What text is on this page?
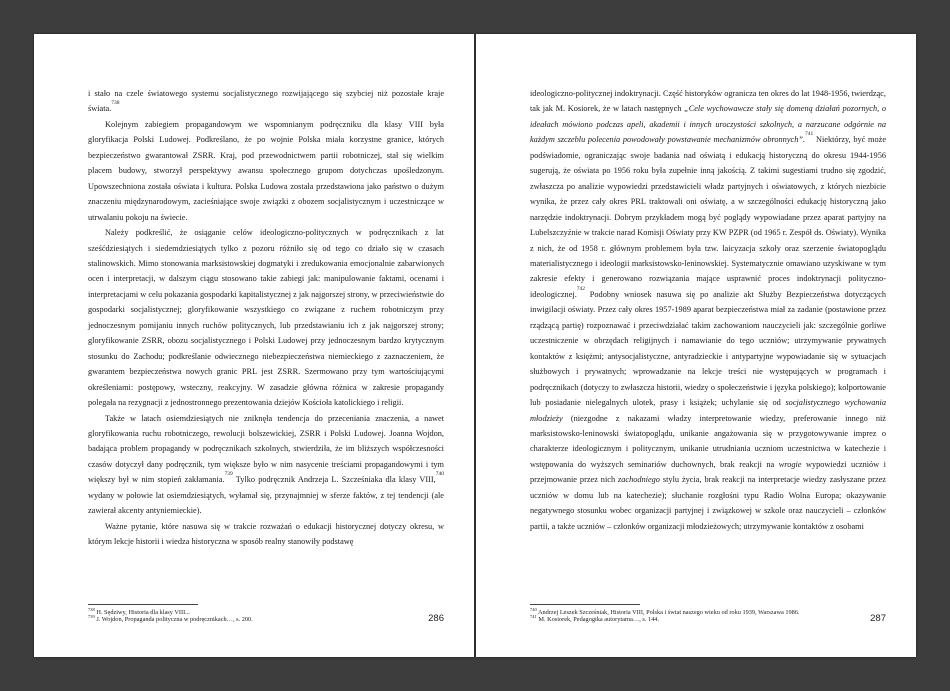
i stało na czele światowego systemu socjalistycznego rozwijającego się szybciej niż pozostałe kraje świata.$^{738}$

Kolejnym zabiegiem propagandowym we wspomnianym podręczniku dla klasy VIII była gloryfikacja Polski Ludowej. Podkreślano, że po wojnie Polska miała korzystne granice, których bezpieczeństwo gwarantował ZSRR. Kraj, pod przewodnictwem partii robotniczej, stał się wielkim placem budowy, stworzył perspektywy awansu społecznego grupom dotychczas upośledzonym. Upowszechniona została oświata i kultura. Polska Ludowa została przedstawiona jako państwo o dużym znaczeniu międzynarodowym, zacieśniające swoje związki z obozem socjalistycznym i uczestniczące w utrwalaniu pokoju na świecie.

Należy podkreślić, że osiąganie celów ideologiczno-politycznych w podręcznikach z lat sześćdziesiątych i siedemdziesiątych tylko z pozoru różniło się od tego co działo się w czasach stalinowskich. Mimo stonowania marksistowskiej dogmatyki i zredukowania emocjonalnie zabarwionych ocen i interpretacji, w dalszym ciągu stosowano takie zabiegi jak: manipulowanie faktami, ocenami i interpretacjami w celu pokazania gospodarki kapitalistycznej z jak najgorszej strony, w przeciwieństwie do gospodarki socjalistycznej; gloryfikowanie wszystkiego co związane z ruchem robotniczym przy jednoczesnym pomijaniu innych ruchów politycznych, lub przedstawianiu ich z jak najgorszej strony; gloryfikowanie ZSRR, obozu socjalistycznego i Polski Ludowej przy jednoczesnym bardzo krytycznym stosunku do Zachodu; podkreślanie odwiecznego niebezpieczeństwa niemieckiego z zaznaczeniem, że gwarantem bezpieczeństwa nowych granic PRL jest ZSRR. Szermowano przy tym wartościującymi określeniami: postępowy, wsteczny, reakcyjny. W zasadzie główna różnica w zakresie propagandy polegała na rezygnacji z jednostronnego prezentowania dziejów Kościoła katolickiego i religii.

Także w latach osiemdziesiątych nie zniknęła tendencja do przeceniania znaczenia, a nawet gloryfikowania ruchu robotniczego, rewolucji bolszewickiej, ZSRR i Polski Ludowej. Joanna Wojdon, badająca problem propagandy w podręcznikach szkolnych, stwierdziła, że im bliższych współczesności czasów dotyczył dany podręcznik, tym większe było w nim nasycenie treściami propagandowymi i tym większy był w nim stopień zakłamania.$^{739}$ Tylko podręcznik Andrzeja L. Szcześniaka dla klasy VIII,$^{740}$ wydany w połowie lat osiemdziesiątych, wyłamał się, przynajmniej w sferze faktów, z tej tendencji (ale zawierał akcenty antyniemieckie).

Ważne pytanie, które nasuwa się w trakcie rozważań o edukacji historycznej dotyczy okresu, w którym lekcje historii i wiedza historyczna w sposób realny stanowiły podstawę

$^{738}$ H. Sędziwy, Historia dla klasy VIII...
$^{739}$ J. Wojdon, Propaganda polityczna w podręcznikach…, s. 200.	286

ideologiczno-politycznej indoktrynacji. Część historyków ogranicza ten okres do lat 1948-1956, twierdząc, tak jak M. Kosiorek, że w latach następnych „Cele wychowawcze stały się domeną działań pozornych, o ideałach mówiono podczas apeli, akademii i innych uroczystości szkolnych, a narzucane odgórnie na każdym szczeblu polecenia powodowały powstawanie mechanizmów obronnych”.$^{741}$ Niektórzy, być może podświadomie, ograniczając swoje badania nad oświatą i edukacją historyczną do okresu 1944-1956 sugerują, że oświata po 1956 roku była zupełnie inną jakością. Z takimi sugestiami trudno się zgodzić, zwłaszcza po analizie wypowiedzi przedstawicieli władz partyjnych i oświatowych, z których niezbicie wynika, że przez cały okres PRL traktowali oni oświatę, a w szczególności edukację historyczną jako narzędzie indoktrynacji. Dobrym przykładem mogą być poglądy wypowiadane przez aparat partyjny na Lubelszczyźnie w trakcie narad Komisji Oświaty przy KW PZPR (od 1965 r. Zespół ds. Oświaty). Wynika z nich, że od 1958 r. głównym problemem była tzw. laicyzacja szkoły oraz szerzenie światopoglądu materialistycznego i ideologii marksistowsko-leninowskiej. Systematycznie omawiano uzyskiwane w tym zakresie efekty i generowano rozwiązania mające usprawnić proces indoktrynacji polityczno-ideologicznej.$^{742}$ Podobny wniosek nasuwa się po analizie akt Służby Bezpieczeństwa dotyczących inwigilacji oświaty. Przez cały okres 1957-1989 aparat bezpieczeństwa miał za zadanie (postawione przez rządzącą partię) rozpoznawać i przeciwdziałać takim zachowaniom nauczycieli jak: szczególnie gorliwe uczestniczenie w obrzędach religijnych i namawianie do tego uczniów; utrzymywanie prywatnych kontaktów z księżmi; antysocjalistyczne, antyradzieckie i antypartyjne wypowiadanie się w sytuacjach służbowych i prywatnych; wprowadzanie na lekcje treści nie występujących w programach i podręcznikach (dotyczy to zwłaszcza historii, wiedzy o społeczeństwie i języka polskiego); kolportowanie lub posiadanie nielegalnych ulotek, prasy i książek; uchylanie się od socjalistycznego wychowania młodzieży (niezgodne z nakazami władzy interpretowanie wiedzy, preferowanie innego niż marksistowsko-leninowski światopoglądu, unikanie angażowania się w przygotowywanie imprez o charakterze ideologicznym i politycznym, unikanie utrudniania uczniom uczestnictwa w katechezie i wstępowania do wyższych seminariów duchownych, brak reakcji na wrogie wypowiedzi uczniów i przejmowanie przez nich zachodniego stylu życia, brak reakcji na interpretacje wiedzy zasłyszane przez uczniów w domu lub na katechezie); słuchanie rozgłośni typu Radio Wolna Europa; okazywanie negatywnego stosunku wobec organizacji partyjnej i związkowej w szkole oraz nauczycieli – członków partii, a także uczniów – członków organizacji młodzieżowych; utrzymywanie kontaktów z osobami

$^{740}$ Andrzej Leszek Szcześniak, Historia VIII, Polska i świat naszego wieku od roku 1939, Warszawa 1986.
$^{741}$ M. Kosiorek, Pedagogika autorytarna…, s. 144.	287
